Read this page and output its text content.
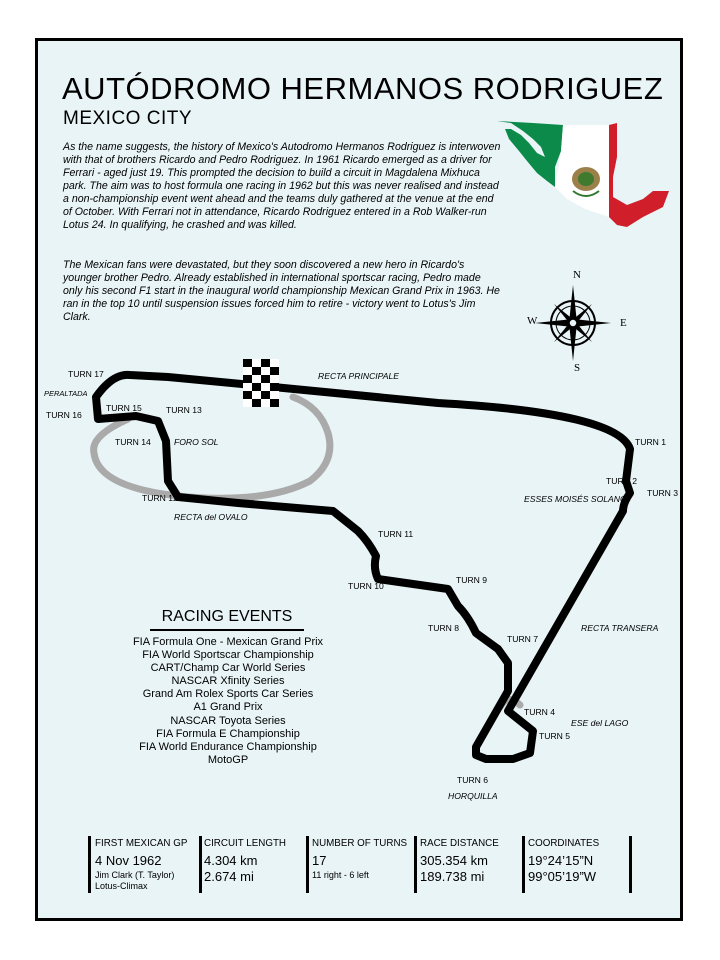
AUTÓDROMO HERMANOS RODRIGUEZ
MEXICO CITY
As the name suggests, the history of Mexico's Autodromo Hermanos Rodriguez is interwoven with that of brothers Ricardo and Pedro Rodriguez. In 1961 Ricardo emerged as a driver for Ferrari - aged just 19. This prompted the decision to build a circuit in Magdalena Mixhuca park. The aim was to host formula one racing in 1962 but this was never realised and instead a non-championship event went ahead and the teams duly gathered at the venue at the end of October. With Ferrari not in attendance, Ricardo Rodriguez entered in a Rob Walker-run Lotus 24. In qualifying, he crashed and was killed.
The Mexican fans were devastated, but they soon discovered a new hero in Ricardo's younger brother Pedro. Already established in international sportscar racing, Pedro made only his second F1 start in the inaugural world championship Mexican Grand Prix in 1963. He ran in the top 10 until suspension issues forced him to retire - victory went to Lotus's Jim Clark.
N
S
W	E
TURN 17
PERALTADA
TURN 16
TURN 15	TURN 13
TURN 14	FORO SOL
TURN 12
RECTA del OVALO
RECTA PRINCIPALE
TURN 1
TURN 2
TURN 3
ESSES MOISÉS SOLANO
TURN 11
TURN 10
TURN 9
TURN 8
TURN 7
RECTA TRANSERA
TURN 4
ESE del LAGO
TURN 5
TURN 6
HORQUILLA
RACING EVENTS
FIA Formula One - Mexican Grand Prix
FIA World Sportscar Championship
CART/Champ Car World Series
NASCAR Xfinity Series
Grand Am Rolex Sports Car Series
A1 Grand Prix
NASCAR Toyota Series
FIA Formula E Championship
FIA World Endurance Championship
MotoGP
FIRST MEXICAN GP
4 Nov 1962
Jim Clark (T. Taylor)
Lotus-Climax
CIRCUIT LENGTH
4.304 km
2.674 mi
NUMBER OF TURNS
17
11 right - 6 left
RACE DISTANCE
305.354 km
189.738 mi
COORDINATES
19°24’15”N
99°05’19”W
